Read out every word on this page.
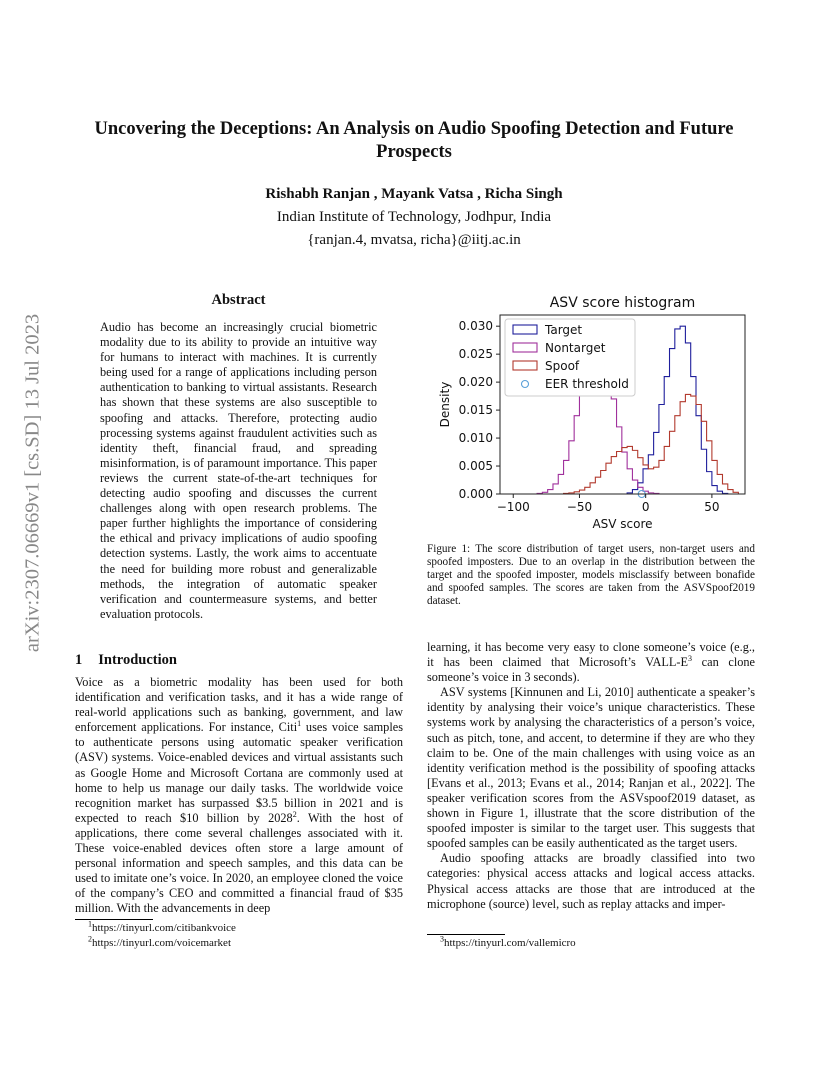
Uncovering the Deceptions: An Analysis on Audio Spoofing Detection and Future Prospects
Rishabh Ranjan , Mayank Vatsa , Richa Singh
Indian Institute of Technology, Jodhpur, India
{ranjan.4, mvatsa, richa}@iitj.ac.in
arXiv:2307.06669v1 [cs.SD] 13 Jul 2023
Abstract

Audio has become an increasingly crucial biometric modality due to its ability to provide an intuitive way for humans to interact with machines. It is currently being used for a range of applications including person authentication to banking to virtual assistants. Research has shown that these systems are also susceptible to spoofing and attacks. Therefore, protecting audio processing systems against fraudulent activities such as identity theft, financial fraud, and spreading misinformation, is of paramount importance. This paper reviews the current state-of-the-art techniques for detecting audio spoofing and discusses the current challenges along with open research problems. The paper further highlights the importance of considering the ethical and privacy implications of audio spoofing detection systems. Lastly, the work aims to accentuate the need for building more robust and generalizable methods, the integration of automatic speaker verification and countermeasure systems, and better evaluation protocols.

1 Introduction

Voice as a biometric modality has been used for both identification and verification tasks, and it has a wide range of real-world applications such as banking, government, and law enforcement applications. For instance, Citi$^1$ uses voice samples to authenticate persons using automatic speaker verification (ASV) systems. Voice-enabled devices and virtual assistants such as Google Home and Microsoft Cortana are commonly used at home to help us manage our daily tasks. The worldwide voice recognition market has surpassed $3.5 billion in 2021 and is expected to reach $10 billion by 2028$^2$. With the host of applications, there come several challenges associated with it. These voice-enabled devices often store a large amount of personal information and speech samples, and this data can be used to imitate one’s voice. In 2020, an employee cloned the voice of the company’s CEO and committed a financial fraud of $35 million. With the advancements in deep

$^1$https://tinyurl.com/citibankvoice
$^2$https://tinyurl.com/voicemarket
ASV score histogram
0.000
0.005
0.010
0.015
0.020
0.025
0.030
−100	−50	0	50
ASV score
Density
Target
Nontarget
Spoof
EER threshold

Figure 1: The score distribution of target users, non-target users and spoofed imposters. Due to an overlap in the distribution between the target and the spoofed imposter, models misclassify between bonafide and spoofed samples. The scores are taken from the ASVSpoof2019 dataset.

learning, it has become very easy to clone someone’s voice (e.g., it has been claimed that Microsoft’s VALL-$E^3$ can clone someone’s voice in 3 seconds).

ASV systems [Kinnunen and Li, 2010] authenticate a speaker’s identity by analysing their voice’s unique characteristics. These systems work by analysing the characteristics of a person’s voice, such as pitch, tone, and accent, to determine if they are who they claim to be. One of the main challenges with using voice as an identity verification method is the possibility of spoofing attacks [Evans et al., 2013; Evans et al., 2014; Ranjan et al., 2022]. The speaker verification scores from the ASVspoof2019 dataset, as shown in Figure 1, illustrate that the score distribution of the spoofed imposter is similar to the target user. This suggests that spoofed samples can be easily authenticated as the target users.

Audio spoofing attacks are broadly classified into two categories: physical access attacks and logical access attacks. Physical access attacks are those that are introduced at the microphone (source) level, such as replay attacks and imper-

$^3$https://tinyurl.com/vallemicro
